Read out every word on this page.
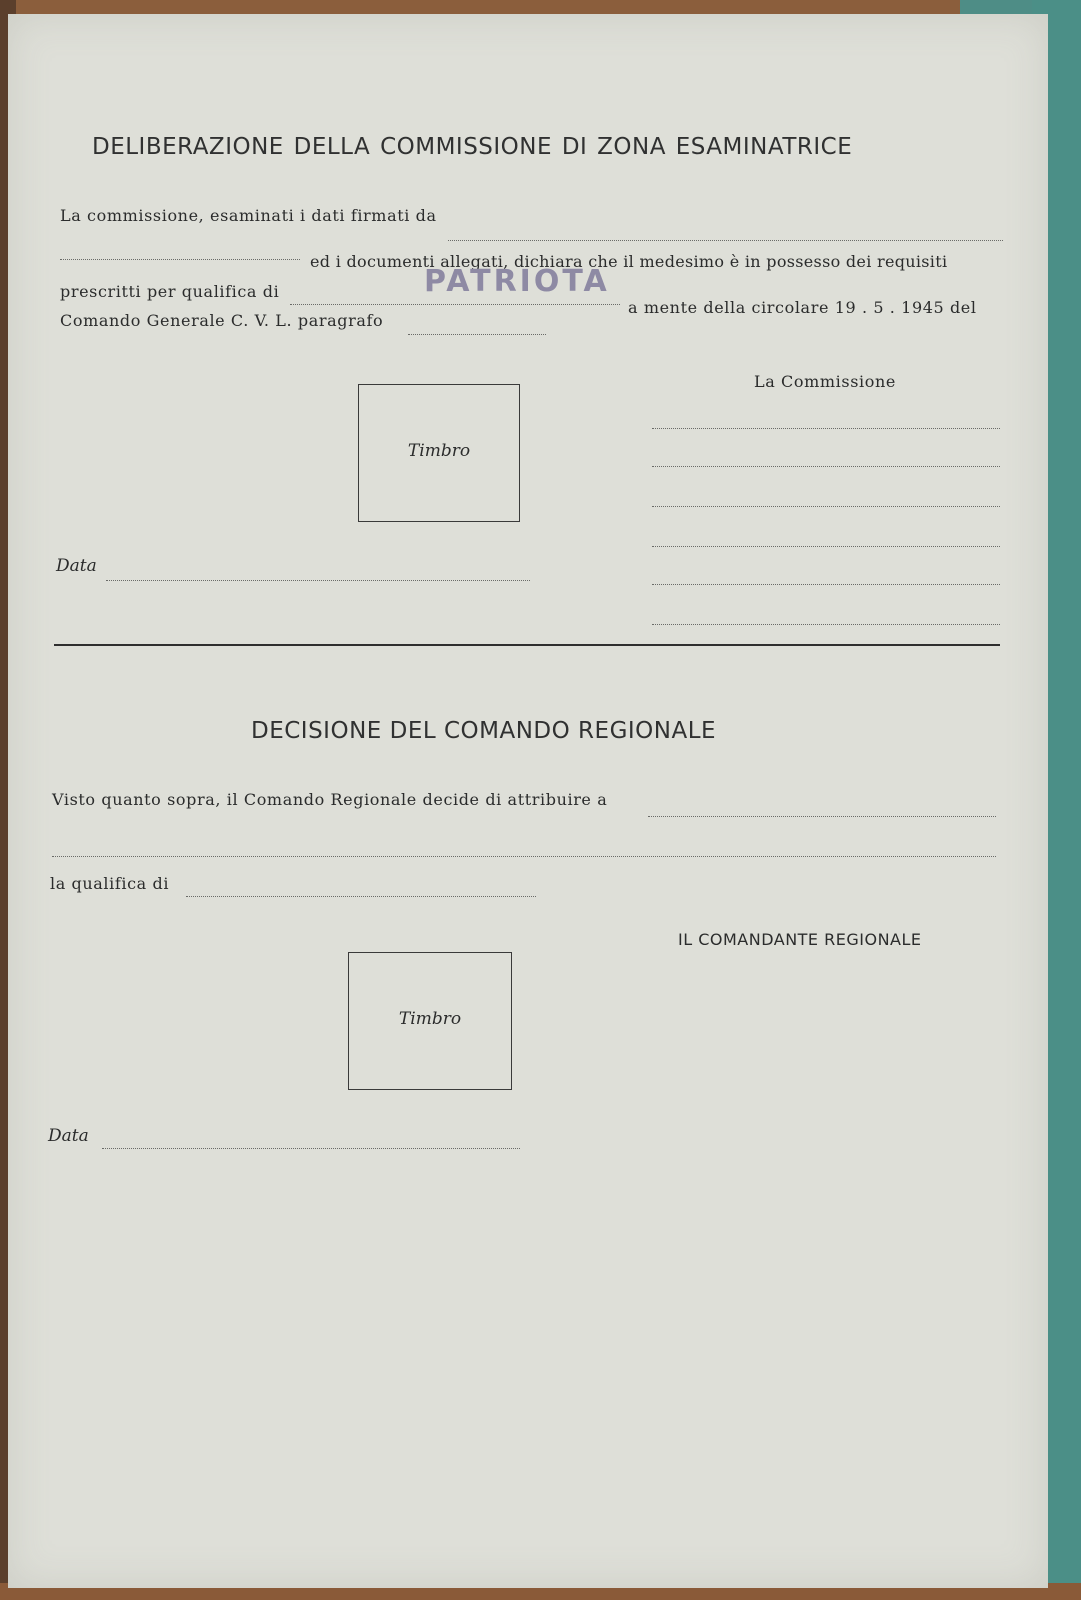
DELIBERAZIONE DELLA COMMISSIONE DI ZONA ESAMINATRICE
La commissione, esaminati i dati firmati da
ed i documenti allegati, dichiara che il medesimo è in possesso dei requisiti
prescritti per qualifica di	PATRIOTA
a mente della circolare 19 . 5 . 1945 del
Comando Generale C. V. L. paragrafo
Timbro
La Commissione
Data
DECISIONE DEL COMANDO REGIONALE
Visto quanto sopra, il Comando Regionale decide di attribuire a
la qualifica di
IL COMANDANTE REGIONALE
Timbro
Data
